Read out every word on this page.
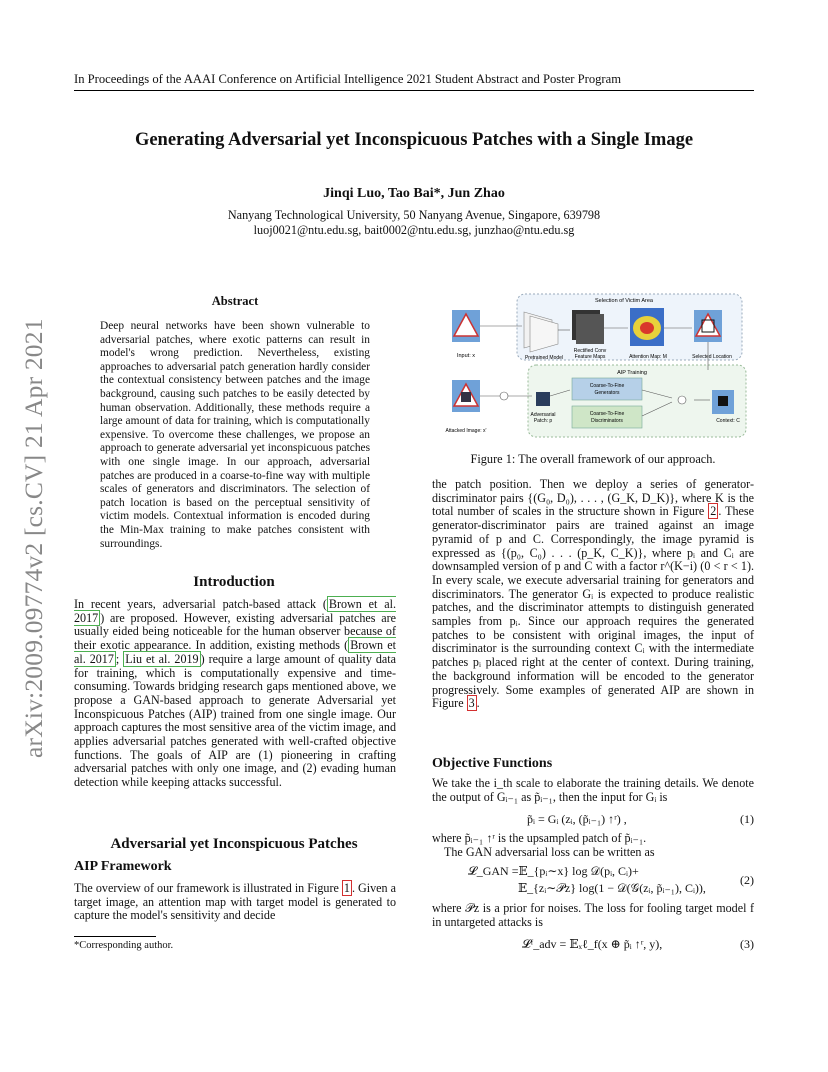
In Proceedings of the AAAI Conference on Artificial Intelligence 2021 Student Abstract and Poster Program
Generating Adversarial yet Inconspicuous Patches with a Single Image
Jinqi Luo, Tao Bai*, Jun Zhao
Nanyang Technological University, 50 Nanyang Avenue, Singapore, 639798
luoj0021@ntu.edu.sg, bait0002@ntu.edu.sg, junzhao@ntu.edu.sg
arXiv:2009.09774v2 [cs.CV] 21 Apr 2021
Abstract
Deep neural networks have been shown vulnerable to adversarial patches, where exotic patterns can result in model's wrong prediction. Nevertheless, existing approaches to adversarial patch generation hardly consider the contextual consistency between patches and the image background, causing such patches to be easily detected by human observation. Additionally, these methods require a large amount of data for training, which is computationally expensive. To overcome these challenges, we propose an approach to generate adversarial yet inconspicuous patches with one single image. In our approach, adversarial patches are produced in a coarse-to-fine way with multiple scales of generators and discriminators. The selection of patch location is based on the perceptual sensitivity of victim models. Contextual information is encoded during the Min-Max training to make patches consistent with surroundings.
Introduction
In recent years, adversarial patch-based attack ( Brown et al. 2017 ) are proposed. However, existing adversarial patches are usually eided being noticeable for the human observer because of their exotic appearance. In addition, existing methods ( Brown et al. 2017 ; Liu et al. 2019 ) require a large amount of quality data for training, which is computationally expensive and time-consuming. Towards bridging research gaps mentioned above, we propose a GAN-based approach to generate Adversarial yet Inconspicuous Patches (AIP) trained from one single image. Our approach captures the most sensitive area of the victim image, and applies adversarial patches generated with well-crafted objective functions. The goals of AIP are (1) pioneering in crafting adversarial patches with only one image, and (2) evading human detection while keeping attacks successful.
Adversarial yet Inconspicuous Patches
AIP Framework
The overview of our framework is illustrated in Figure 1 . Given a target image, an attention map with target model is generated to capture the model's sensitivity and decide
*Corresponding author.
Selection of Victim Area
AIP Training
Input: x	Pretrained Model
Rectified Conv
Feature Maps	Attention Map: M	Selected Location
Attacked Image: x'
Adversarial
Patch: p
Coarse-To-Fine
Generators
Coarse-To-Fine
Discriminators	Context: C
Figure 1: The overall framework of our approach.
the patch position. Then we deploy a series of generator-discriminator pairs {(G₀, D₀), . . . , (G_K, D_K)}, where K is the total number of scales in the structure shown in Figure 2 . These generator-discriminator pairs are trained against an image pyramid of p and C. Correspondingly, the image pyramid is expressed as {(p₀, C₀) . . . (p_K, C_K)}, where pᵢ and Cᵢ are downsampled version of p and C with a factor r^(K−i) (0 < r < 1). In every scale, we execute adversarial training for generators and discriminators. The generator Gᵢ is expected to produce realistic patches, and the discriminator attempts to distinguish generated samples from pᵢ. Since our approach requires the generated patches to be consistent with original images, the input of discriminator is the surrounding context Cᵢ with the intermediate patches pᵢ placed right at the center of context. During training, the background information will be encoded to the generator progressively. Some examples of generated AIP are shown in Figure 3 .
Objective Functions
We take the i_th scale to elaborate the training details. We denote the output of Gᵢ₋₁ as p̃ᵢ₋₁, then the input for Gᵢ is
p̃ᵢ = Gᵢ (zᵢ, (p̃ᵢ₋₁) ↑ʳ) ,	(1)
where p̃ᵢ₋₁ ↑ʳ is the upsampled patch of p̃ᵢ₋₁.
The GAN adversarial loss can be written as
𝓛_GAN =𝔼_{pᵢ∼x} log 𝒟(pᵢ, Cᵢ)+
𝔼_{zᵢ∼𝒫z} log(1 − 𝒟(𝒢(zᵢ, p̃ᵢ₋₁), Cᵢ)),
(2)
where 𝒫z is a prior for noises. The loss for fooling target model f in untargeted attacks is
𝓛ᶠ_adv = 𝔼ₓℓ_f(x ⊕ p̃ᵢ ↑ʳ, y),	(3)
